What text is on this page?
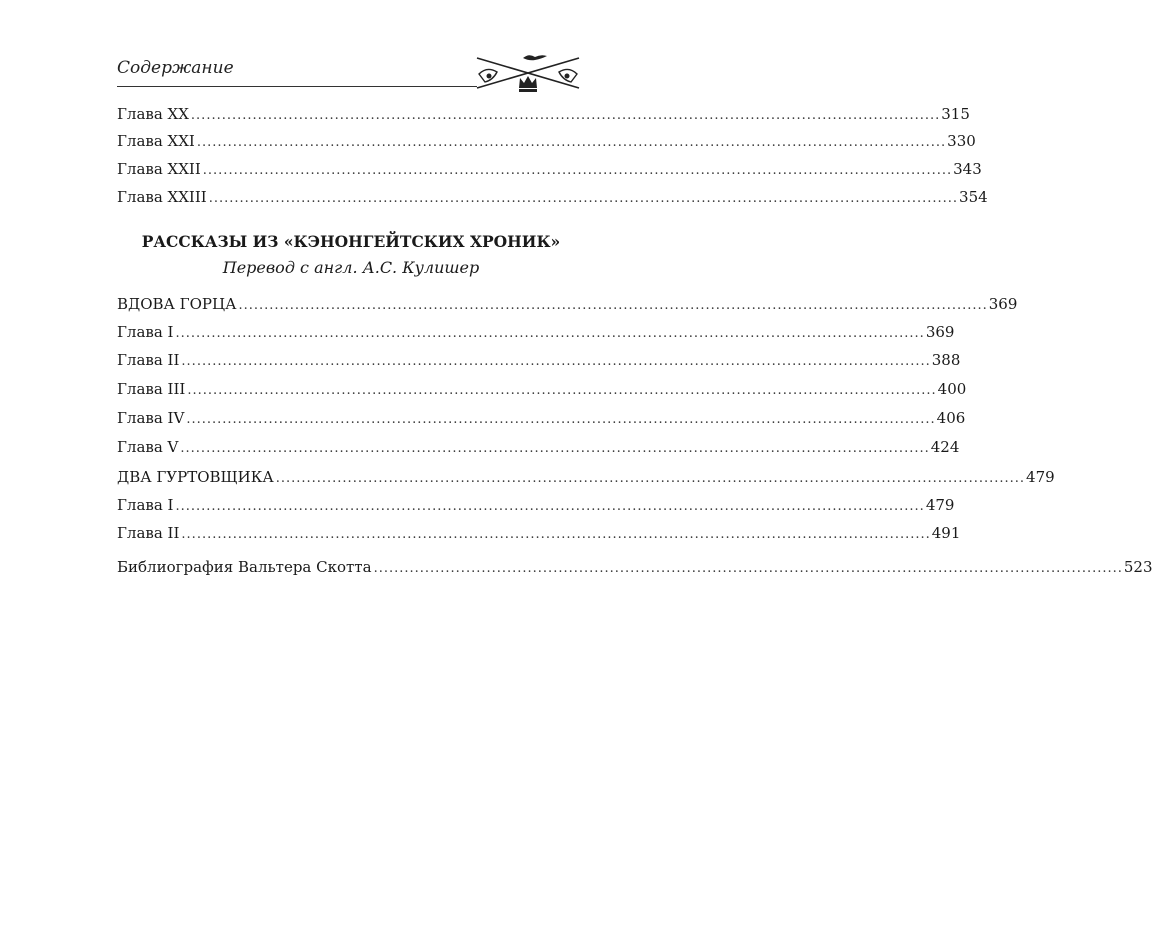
Содержание
Глава XX .................................................................................................................................................. 315
Глава XXI .................................................................................................................................................. 330
Глава XXII .................................................................................................................................................. 343
Глава XXIII .................................................................................................................................................. 354
РАССКАЗЫ ИЗ «КЭНОНГЕЙТСКИХ ХРОНИК»
Перевод с англ. А.С. Кулишер
ВДОВА ГОРЦА .................................................................................................................................................. 369
Глава I .................................................................................................................................................. 369
Глава II .................................................................................................................................................. 388
Глава III .................................................................................................................................................. 400
Глава IV .................................................................................................................................................. 406
Глава V .................................................................................................................................................. 424
ДВА ГУРТОВЩИКА .................................................................................................................................................. 479
Глава I .................................................................................................................................................. 479
Глава II .................................................................................................................................................. 491
Библиография Вальтера Скотта .................................................................................................................................................. 523
